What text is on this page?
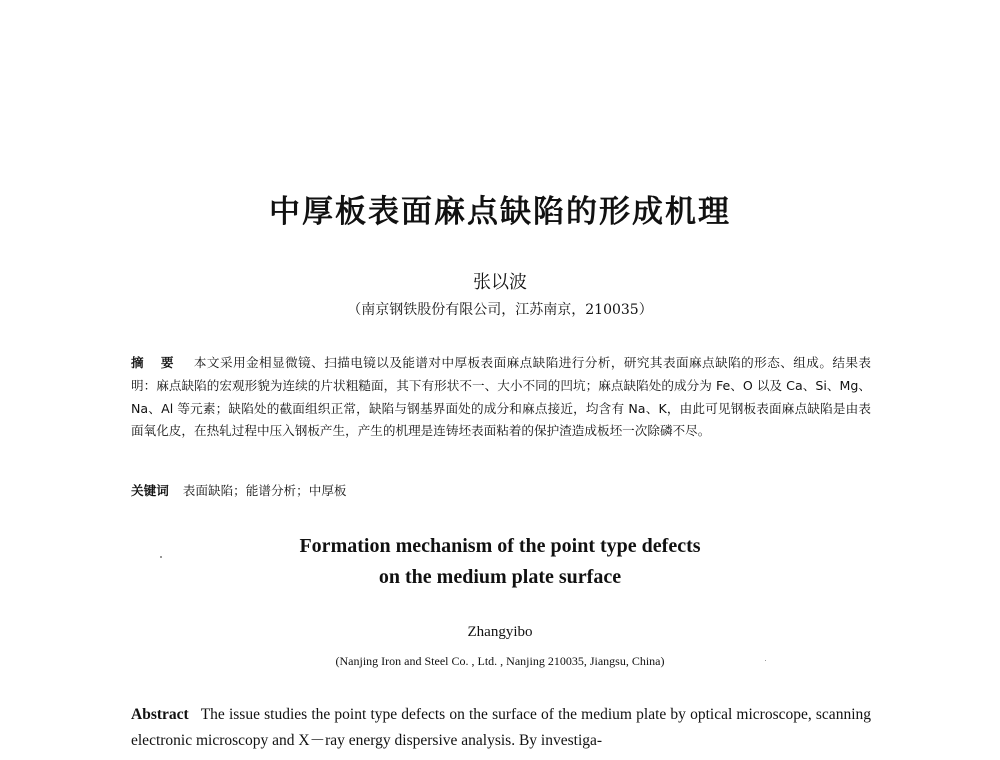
中厚板表面麻点缺陷的形成机理
张以波
（南京钢铁股份有限公司，江苏南京，210035）
摘 要 本文采用金相显微镜、扫描电镜以及能谱对中厚板表面麻点缺陷进行分析，研究其表面麻点缺陷的形态、组成。结果表明：麻点缺陷的宏观形貌为连续的片状粗糙面，其下有形状不一、大小不同的凹坑；麻点缺陷处的成分为 Fe、O 以及 Ca、Si、Mg、Na、Al 等元素；缺陷处的截面组织正常，缺陷与钢基界面处的成分和麻点接近，均含有 Na、K，由此可见钢板表面麻点缺陷是由表面氧化皮，在热轧过程中压入钢板产生，产生的机理是连铸坯表面粘着的保护渣造成板坯一次除磷不尽。
关键词 表面缺陷；能谱分析；中厚板
Formation mechanism of the point type defects
on the medium plate surface
Zhangyibo
(Nanjing Iron and Steel Co. , Ltd. , Nanjing 210035, Jiangsu, China)
Abstract The issue studies the point type defects on the surface of the medium plate by optical microscope, scanning electronic microscopy and X－ray energy dispersive analysis. By investiga-
